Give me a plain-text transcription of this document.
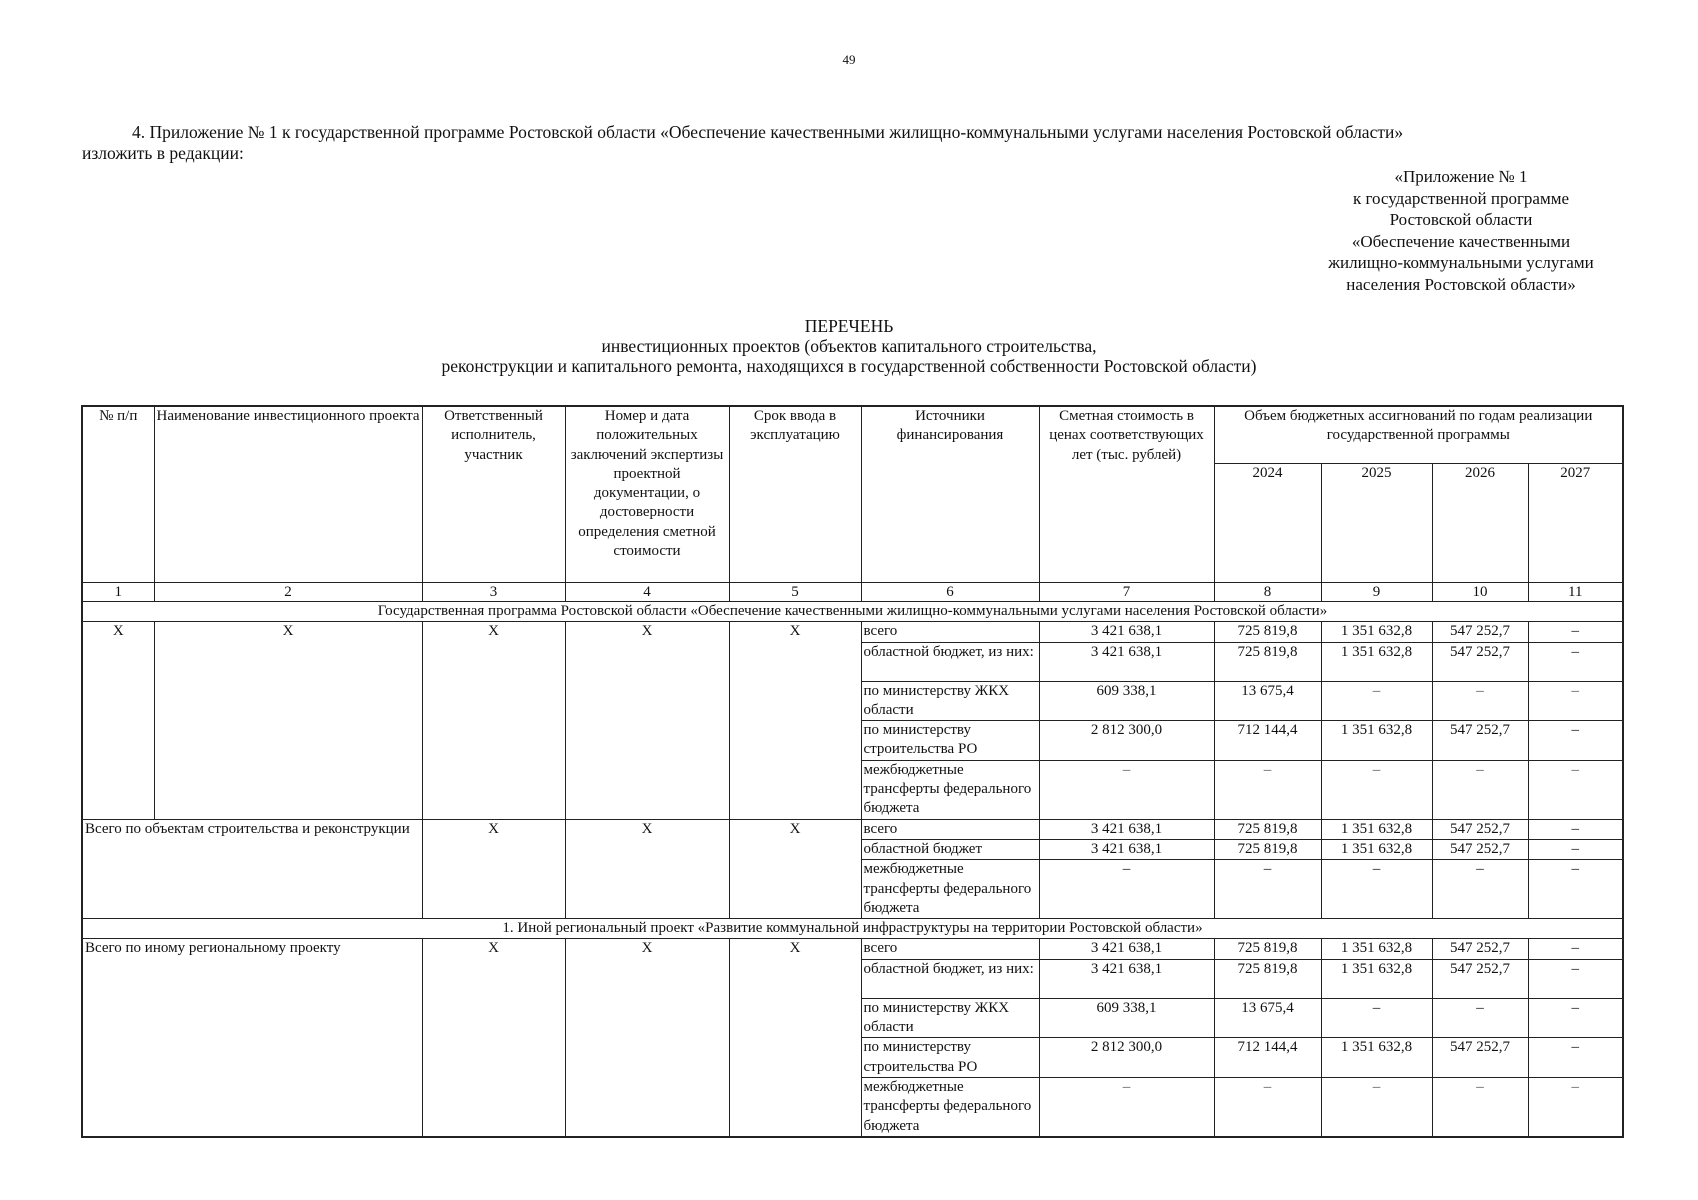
49
4. Приложение № 1 к государственной программе Ростовской области «Обеспечение качественными жилищно-коммунальными услугами населения Ростовской области»
изложить в редакции:
«Приложение № 1
к государственной программе
Ростовской области
«Обеспечение качественными
жилищно-коммунальными услугами
населения Ростовской области»
ПЕРЕЧЕНЬ
инвестиционных проектов (объектов капитального строительства,
реконструкции и капитального ремонта, находящихся в государственной собственности Ростовской области)
№ п/п	Наименование инвестиционного проекта	Ответственный исполнитель, участник	Номер и дата положительных заключений экспертизы проектной документации, о достоверности определения сметной стоимости	Срок ввода в эксплуатацию	Источники финансирования	Сметная стоимость в ценах соответствующих лет (тыс. рублей)	Объем бюджетных ассигнований по годам реализации государственной программы			
							2024	2025	2026	2027
1	2	3	4	5	6	7	8	9	10	11
Государственная программа Ростовской области «Обеспечение качественными жилищно-коммунальными услугами населения Ростовской области»										
Х	Х	Х	Х	Х	всего	3 421 638,1	725 819,8	1 351 632,8	547 252,7	–
					областной бюджет, из них:	3 421 638,1	725 819,8	1 351 632,8	547 252,7	–
					по министерству ЖКХ области	609 338,1	13 675,4	–	–	–
					по министерству строительства РО	2 812 300,0	712 144,4	1 351 632,8	547 252,7	–
					межбюджетные трансферты федерального бюджета	–	–	–	–	–
Всего по объектам строительства и реконструкции		Х	Х	Х	всего	3 421 638,1	725 819,8	1 351 632,8	547 252,7	–
					областной бюджет	3 421 638,1	725 819,8	1 351 632,8	547 252,7	–
					межбюджетные трансферты федерального бюджета	–	–	–	–	–
1. Иной региональный проект «Развитие коммунальной инфраструктуры на территории Ростовской области»										
Всего по иному региональному проекту		Х	Х	Х	всего	3 421 638,1	725 819,8	1 351 632,8	547 252,7	–
					областной бюджет, из них:	3 421 638,1	725 819,8	1 351 632,8	547 252,7	–
					по министерству ЖКХ области	609 338,1	13 675,4	–	–	–
					по министерству строительства РО	2 812 300,0	712 144,4	1 351 632,8	547 252,7	–
					межбюджетные трансферты федерального бюджета	–	–	–	–	–
